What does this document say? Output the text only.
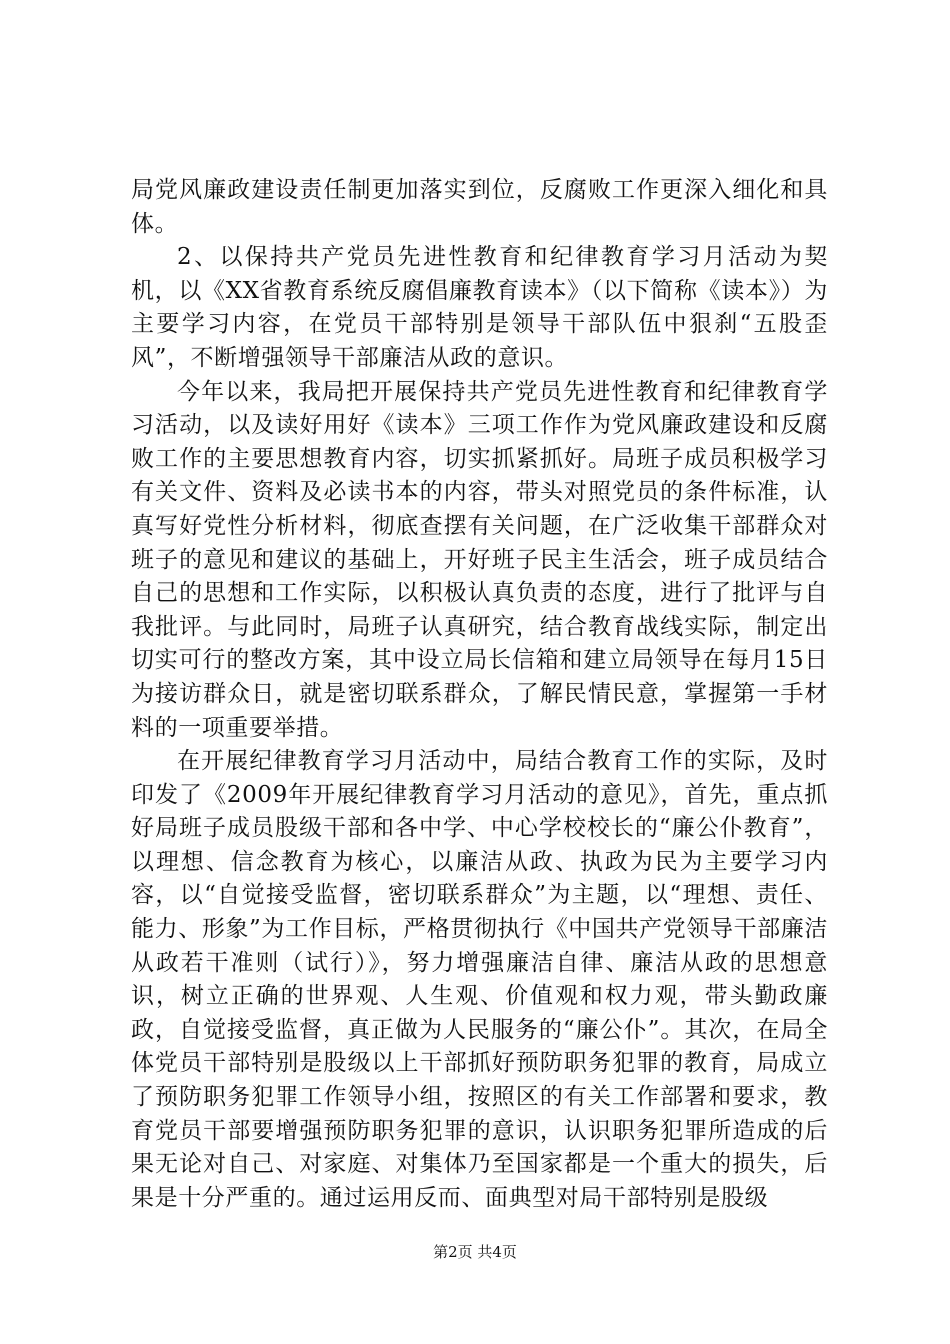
局党风廉政建设责任制更加落实到位，反腐败工作更深入细化和具体。

2、以保持共产党员先进性教育和纪律教育学习月活动为契机，以《XX省教育系统反腐倡廉教育读本》（以下简称《读本》）为主要学习内容，在党员干部特别是领导干部队伍中狠刹“五股歪风”，不断增强领导干部廉洁从政的意识。

今年以来，我局把开展保持共产党员先进性教育和纪律教育学习活动，以及读好用好《读本》三项工作作为党风廉政建设和反腐败工作的主要思想教育内容，切实抓紧抓好。局班子成员积极学习有关文件、资料及必读书本的内容，带头对照党员的条件标准，认真写好党性分析材料，彻底查摆有关问题，在广泛收集干部群众对班子的意见和建议的基础上，开好班子民主生活会，班子成员结合自己的思想和工作实际，以积极认真负责的态度，进行了批评与自我批评。与此同时，局班子认真研究，结合教育战线实际，制定出切实可行的整改方案，其中设立局长信箱和建立局领导在每月15日为接访群众日，就是密切联系群众，了解民情民意，掌握第一手材料的一项重要举措。

在开展纪律教育学习月活动中，局结合教育工作的实际，及时印发了《2009年开展纪律教育学习月活动的意见》，首先，重点抓好局班子成员股级干部和各中学、中心学校校长的“廉公仆教育”，以理想、信念教育为核心，以廉洁从政、执政为民为主要学习内容，以“自觉接受监督，密切联系群众”为主题，以“理想、责任、能力、形象”为工作目标，严格贯彻执行《中国共产党领导干部廉洁从政若干准则（试行）》，努力增强廉洁自律、廉洁从政的思想意识，树立正确的世界观、人生观、价值观和权力观，带头勤政廉政，自觉接受监督，真正做为人民服务的“廉公仆”。其次，在局全体党员干部特别是股级以上干部抓好预防职务犯罪的教育，局成立了预防职务犯罪工作领导小组，按照区的有关工作部署和要求，教育党员干部要增强预防职务犯罪的意识，认识职务犯罪所造成的后果无论对自己、对家庭、对集体乃至国家都是一个重大的损失，后果是十分严重的。通过运用反而、面典型对局干部特别是股级

第2页 共4页
